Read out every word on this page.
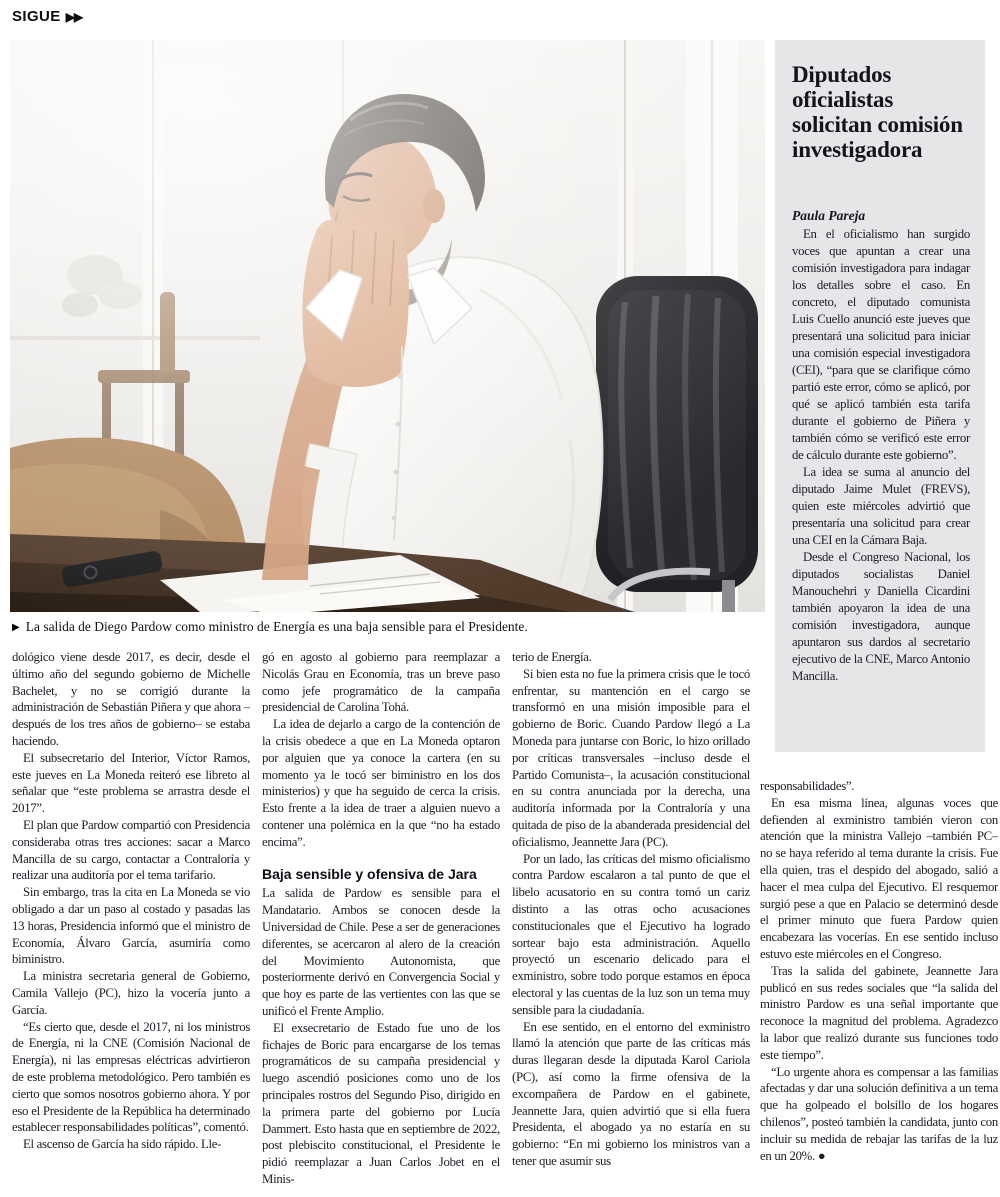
SIGUE ▶▶
▶ La salida de Diego Pardow como ministro de Energía es una baja sensible para el Presidente.

dológico viene desde 2017, es decir, desde el último año del segundo gobierno de Michelle Bachelet, y no se corrigió durante la administración de Sebastián Piñera y que ahora – después de los tres años de gobierno– se estaba haciendo.

El subsecretario del Interior, Víctor Ramos, este jueves en La Moneda reiteró ese libreto al señalar que “este problema se arrastra desde el 2017”.

El plan que Pardow compartió con Presidencia consideraba otras tres acciones: sacar a Marco Mancilla de su cargo, contactar a Contraloría y realizar una auditoría por el tema tarifario.

Sin embargo, tras la cita en La Moneda se vio obligado a dar un paso al costado y pasadas las 13 horas, Presidencia informó que el ministro de Economía, Álvaro García, asumiría como biministro.

La ministra secretaria general de Gobierno, Camila Vallejo (PC), hizo la vocería junto a García.

“Es cierto que, desde el 2017, ni los ministros de Energía, ni la CNE (Comisión Nacional de Energía), ni las empresas eléctricas advirtieron de este problema metodológico. Pero también es cierto que somos nosotros gobierno ahora. Y por eso el Presidente de la República ha determinado establecer responsabilidades políticas”, comentó.

El ascenso de García ha sido rápido. Lle-

gó en agosto al gobierno para reemplazar a Nicolás Grau en Economía, tras un breve paso como jefe programático de la campaña presidencial de Carolina Tohá.

La idea de dejarlo a cargo de la contención de la crisis obedece a que en La Moneda optaron por alguien que ya conoce la cartera (en su momento ya le tocó ser biministro en los dos ministerios) y que ha seguido de cerca la crisis. Esto frente a la idea de traer a alguien nuevo a contener una polémica en la que “no ha estado encima”.

Baja sensible y ofensiva de Jara

La salida de Pardow es sensible para el Mandatario. Ambos se conocen desde la Universidad de Chile. Pese a ser de generaciones diferentes, se acercaron al alero de la creación del Movimiento Autonomista, que posteriormente derivó en Convergencia Social y que hoy es parte de las vertientes con las que se unificó el Frente Amplio.

El exsecretario de Estado fue uno de los fichajes de Boric para encargarse de los temas programáticos de su campaña presidencial y luego ascendió posiciones como uno de los principales rostros del Segundo Piso, dirigido en la primera parte del gobierno por Lucía Dammert. Esto hasta que en septiembre de 2022, post plebiscito constitucional, el Presidente le pidió reemplazar a Juan Carlos Jobet en el Minis-

terio de Energía.

Si bien esta no fue la primera crisis que le tocó enfrentar, su mantención en el cargo se transformó en una misión imposible para el gobierno de Boric. Cuando Pardow llegó a La Moneda para juntarse con Boric, lo hizo orillado por críticas transversales –incluso desde el Partido Comunista–, la acusación constitucional en su contra anunciada por la derecha, una auditoría informada por la Contraloría y una quitada de piso de la abanderada presidencial del oficialismo, Jeannette Jara (PC).

Por un lado, las críticas del mismo oficialismo contra Pardow escalaron a tal punto de que el libelo acusatorio en su contra tomó un cariz distinto a las otras ocho acusaciones constitucionales que el Ejecutivo ha logrado sortear bajo esta administración. Aquello proyectó un escenario delicado para el exministro, sobre todo porque estamos en época electoral y las cuentas de la luz son un tema muy sensible para la ciudadanía.

En ese sentido, en el entorno del exministro llamó la atención que parte de las críticas más duras llegaran desde la diputada Karol Cariola (PC), así como la firme ofensiva de la excompañera de Pardow en el gabinete, Jeannette Jara, quien advirtió que si ella fuera Presidenta, el abogado ya no estaría en su gobierno: “En mi gobierno los ministros van a tener que asumir sus

responsabilidades”.

En esa misma línea, algunas voces que defienden al exministro también vieron con atención que la ministra Vallejo –también PC– no se haya referido al tema durante la crisis. Fue ella quien, tras el despido del abogado, salió a hacer el mea culpa del Ejecutivo. El resquemor surgió pese a que en Palacio se determinó desde el primer minuto que fuera Pardow quien encabezara las vocerías. En ese sentido incluso estuvo este miércoles en el Congreso.

Tras la salida del gabinete, Jeannette Jara publicó en sus redes sociales que “la salida del ministro Pardow es una señal importante que reconoce la magnitud del problema. Agradezco la labor que realizó durante sus funciones todo este tiempo”.

“Lo urgente ahora es compensar a las familias afectadas y dar una solución definitiva a un tema que ha golpeado el bolsillo de los hogares chilenos”, posteó también la candidata, junto con incluir su medida de rebajar las tarifas de la luz en un 20%. ●

Diputados oficialistas solicitan comisión investigadora
Paula Pareja

En el oficialismo han surgido voces que apuntan a crear una comisión investigadora para indagar los detalles sobre el caso. En concreto, el diputado comunista Luis Cuello anunció este jueves que presentará una solicitud para iniciar una comisión especial investigadora (CEI), “para que se clarifique cómo partió este error, cómo se aplicó, por qué se aplicó también esta tarifa durante el gobierno de Piñera y también cómo se verificó este error de cálculo durante este gobierno”.

La idea se suma al anuncio del diputado Jaime Mulet (FREVS), quien este miércoles advirtió que presentaría una solicitud para crear una CEI en la Cámara Baja.

Desde el Congreso Nacional, los diputados socialistas Daniel Manouchehri y Daniella Cicardini también apoyaron la idea de una comisión investigadora, aunque apuntaron sus dardos al secretario ejecutivo de la CNE, Marco Antonio Mancilla.
